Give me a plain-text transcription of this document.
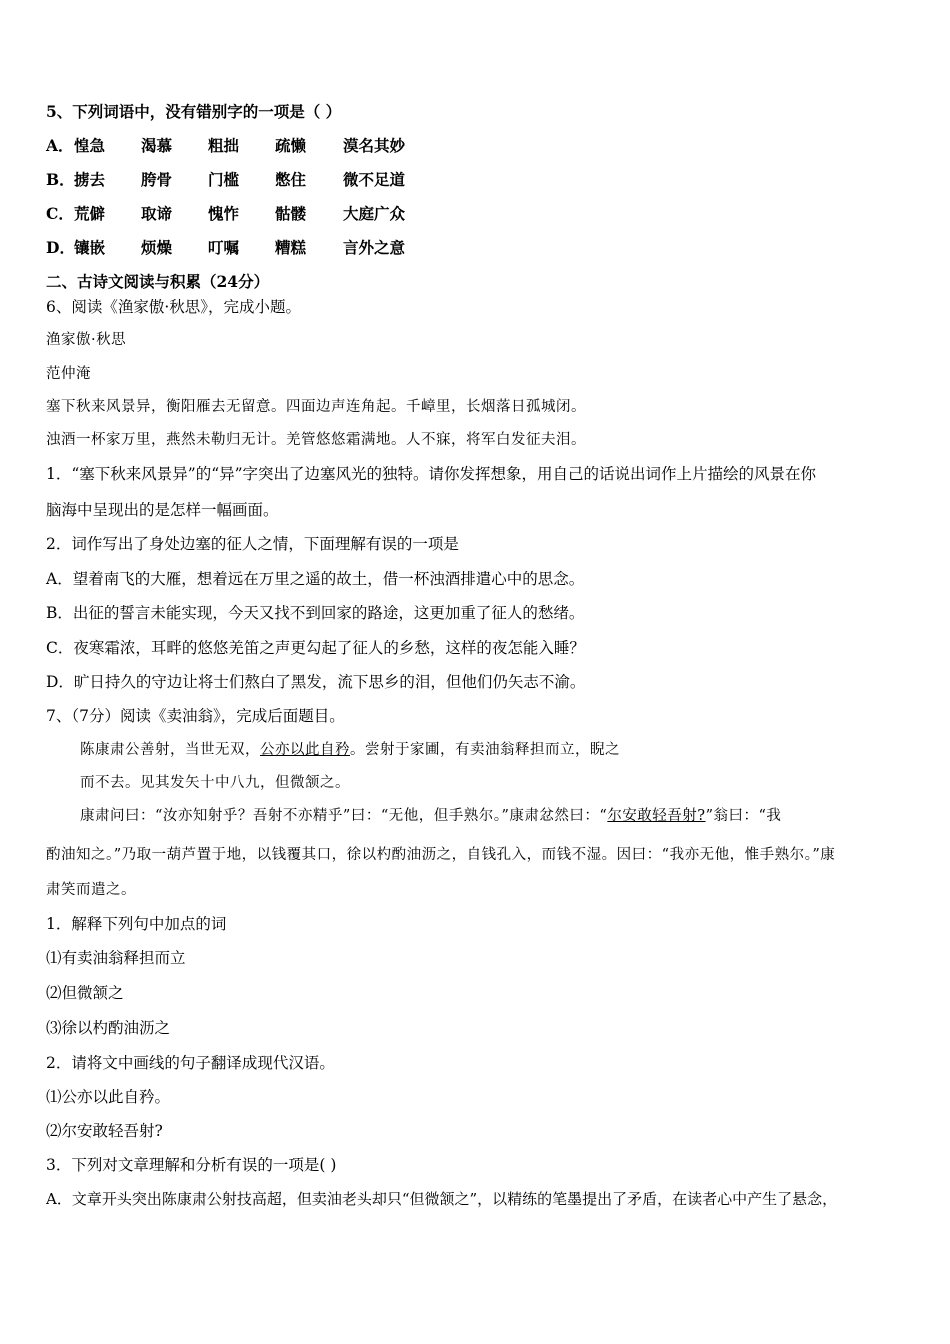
5、下列词语中，没有错别字的一项是（ ）
A． 惶急 渴慕 粗拙 疏懒 漠名其妙
B． 掳去 胯骨 门槛 憋住 微不足道
C． 荒僻 取谛 愧怍 骷髅 大庭广众
D． 镶嵌 烦燥 叮嘱 糟糕 言外之意
二、古诗文阅读与积累（24分）
6、阅读《渔家傲·秋思》，完成小题。
渔家傲·秋思
范仲淹
塞下秋来风景异，衡阳雁去无留意。四面边声连角起。千嶂里，长烟落日孤城闭。
浊酒一杯家万里，燕然未勒归无计。羌管悠悠霜满地。人不寐，将军白发征夫泪。
1．“塞下秋来风景异”的“异”字突出了边塞风光的独特。请你发挥想象，用自己的话说出词作上片描绘的风景在你
脑海中呈现出的是怎样一幅画面。
2．词作写出了身处边塞的征人之情，下面理解有误的一项是
A．望着南飞的大雁，想着远在万里之遥的故土，借一杯浊酒排遣心中的思念。
B．出征的誓言未能实现，今天又找不到回家的路途，这更加重了征人的愁绪。
C．夜寒霜浓，耳畔的悠悠羌笛之声更勾起了征人的乡愁，这样的夜怎能入睡？
D．旷日持久的守边让将士们熬白了黑发，流下思乡的泪，但他们仍矢志不渝。
7、（7分）阅读《卖油翁》，完成后面题目。
陈康肃公善射，当世无双，公亦以此自矜。尝射于家圃，有卖油翁释担而立，睨之
而不去。见其发矢十中八九，但微颔之。
康肃问曰：“汝亦知射乎？吾射不亦精乎”曰：“无他，但手熟尔。”康肃忿然曰：“尔安敢轻吾射?”翁曰：“我
酌油知之。”乃取一葫芦置于地，以钱覆其口，徐以杓酌油沥之，自钱孔入，而钱不湿。因曰：“我亦无他，惟手熟尔。”康
肃笑而遣之。
1．解释下列句中加点的词
⑴有卖油翁释担而立
⑵但微颔之
⑶徐以杓酌油沥之
2．请将文中画线的句子翻译成现代汉语。
⑴公亦以此自矜。
⑵尔安敢轻吾射?
3．下列对文章理解和分析有误的一项是( )
A．文章开头突出陈康肃公射技高超，但卖油老头却只“但微颔之”，以精练的笔墨提出了矛盾，在读者心中产生了悬念，
